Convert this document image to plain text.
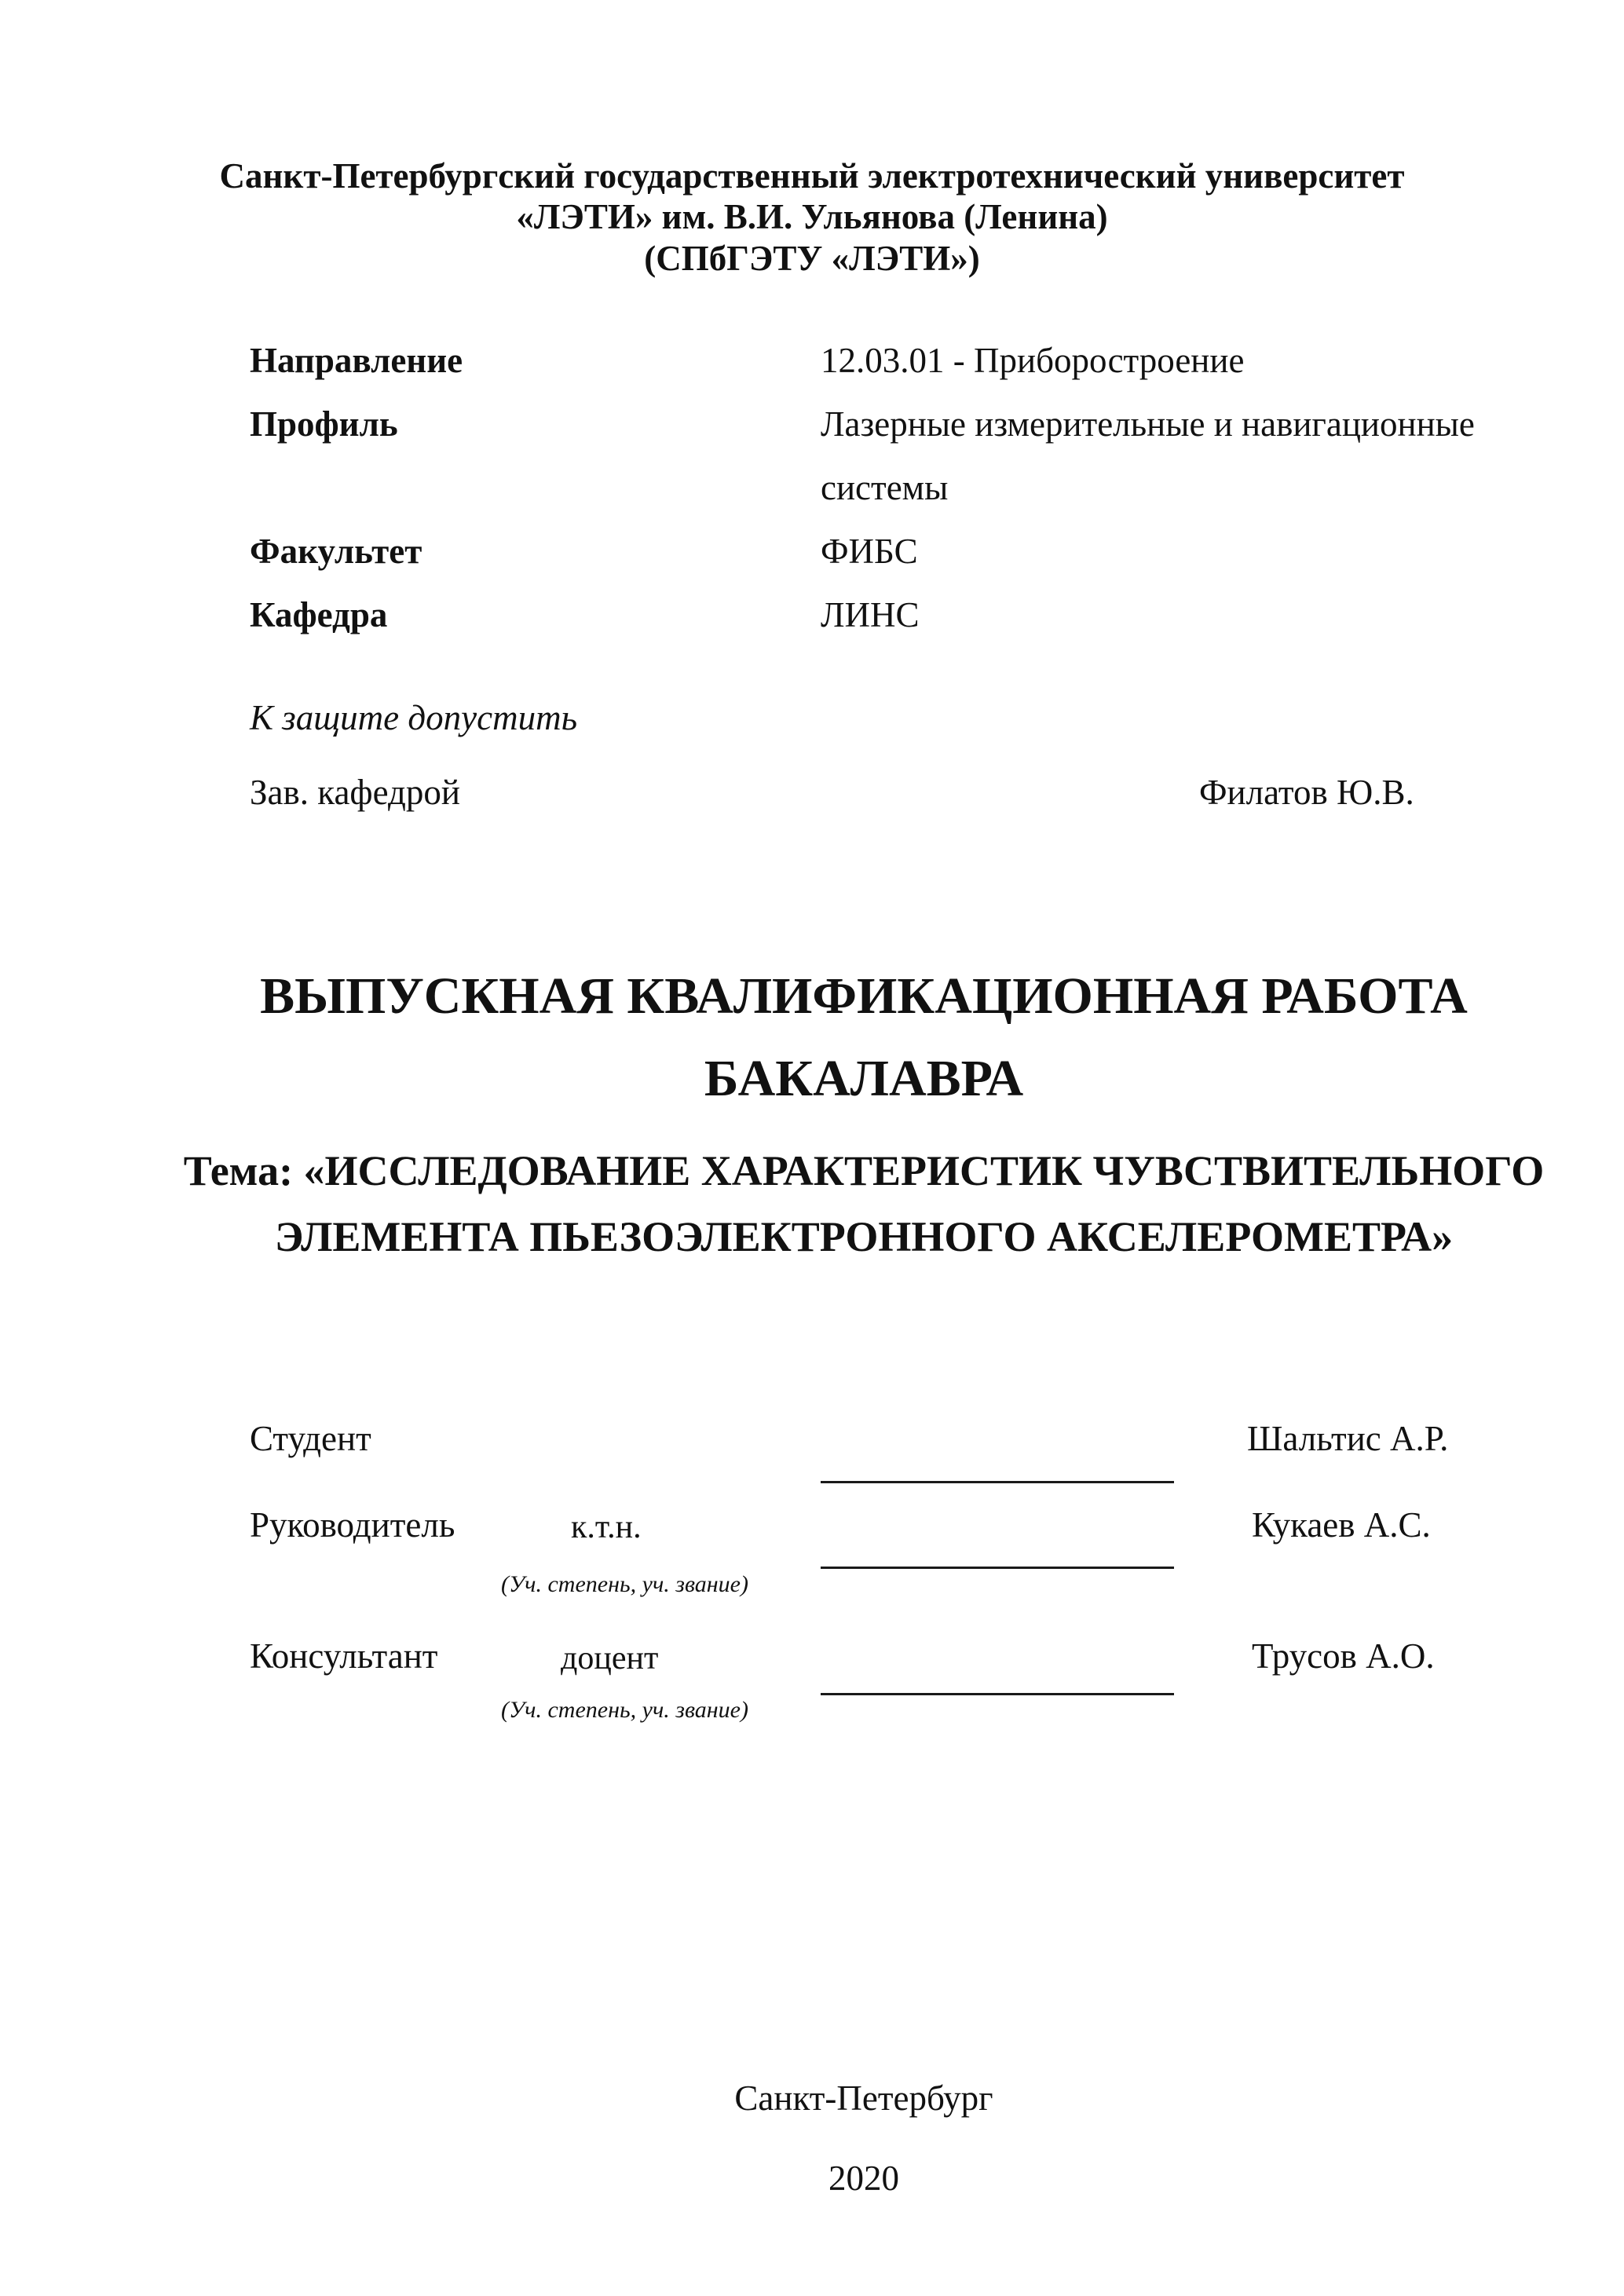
Санкт-Петербургский государственный электротехнический университет
«ЛЭТИ» им. В.И. Ульянова (Ленина)
(СПбГЭТУ «ЛЭТИ»)
Направление	12.03.01 - Приборостроение
Профиль	Лазерные измерительные и навигационные системы
Факультет	ФИБС
Кафедра	ЛИНС
К защите допустить
Зав. кафедрой	Филатов Ю.В.
ВЫПУСКНАЯ КВАЛИФИКАЦИОННАЯ РАБОТА
БАКАЛАВРА
Тема: «ИССЛЕДОВАНИЕ ХАРАКТЕРИСТИК ЧУВСТВИТЕЛЬНОГО
ЭЛЕМЕНТА ПЬЕЗОЭЛЕКТРОННОГО АКСЕЛЕРОМЕТРА»
Студент	Шальтис А.Р.
Руководитель	к.т.н.	Кукаев А.С.
(Уч. степень, уч. звание)
Консультант	доцент	Трусов А.О.
(Уч. степень, уч. звание)
Санкт-Петербург
2020
